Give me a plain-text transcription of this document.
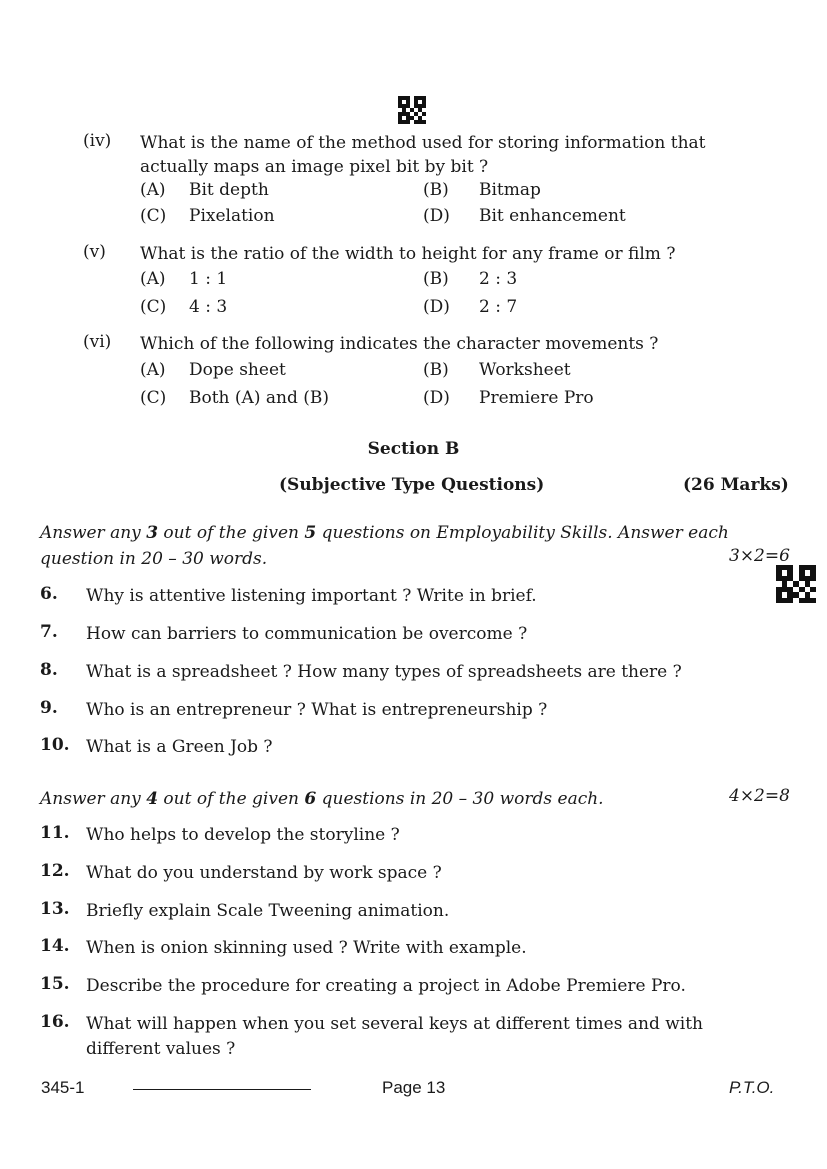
(iv) What is the name of the method used for storing information that actually maps an image pixel bit by bit ?
(A) Bit depth	(B) Bitmap
(C) Pixelation	(D) Bit enhancement
(v) What is the ratio of the width to height for any frame or film ?
(A) 1 : 1	(B) 2 : 3
(C) 4 : 3	(D) 2 : 7
(vi) Which of the following indicates the character movements ?
(A) Dope sheet	(B) Worksheet
(C) Both (A) and (B)	(D) Premiere Pro
Section B
(Subjective Type Questions)	(26 Marks)
Answer any 3 out of the given 5 questions on Employability Skills. Answer each
question in 20 – 30 words.	3×2=6
6. Why is attentive listening important ? Write in brief.
7. How can barriers to communication be overcome ?
8. What is a spreadsheet ? How many types of spreadsheets are there ?
9. Who is an entrepreneur ? What is entrepreneurship ?
10. What is a Green Job ?
Answer any 4 out of the given 6 questions in 20 – 30 words each.	4×2=8
11. Who helps to develop the storyline ?
12. What do you understand by work space ?
13. Briefly explain Scale Tweening animation.
14. When is onion skinning used ? Write with example.
15. Describe the procedure for creating a project in Adobe Premiere Pro.
16. What will happen when you set several keys at different times and with different values ?
345-1	Page 13	P.T.O.
